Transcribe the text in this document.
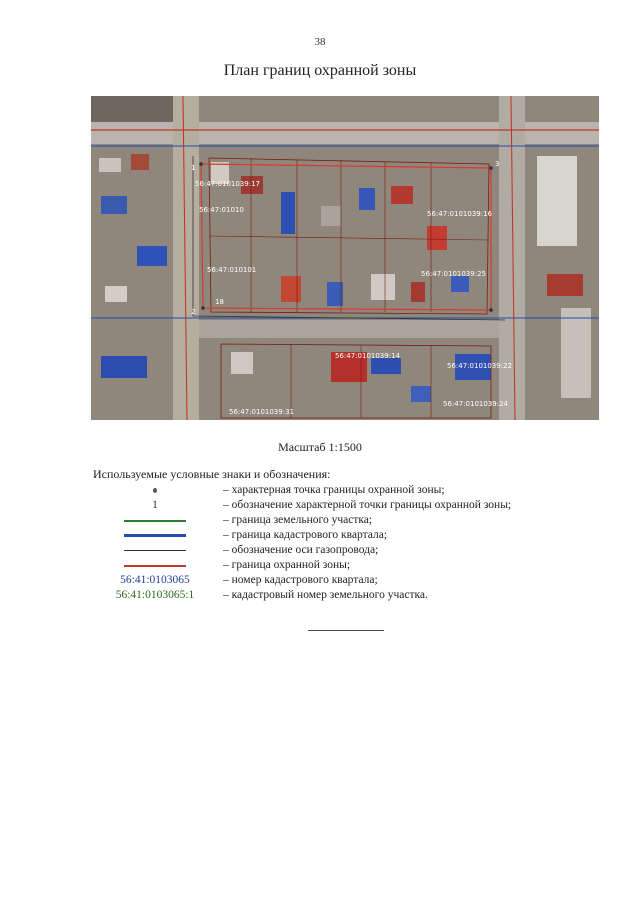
38
План границ охранной зоны
1
2
3
18
56:47:0101039:17
56:47:01010	56:47:0101039:16
56:47:0101039:25
56:47:010101
56:47:0101039:31
56:47:0101039:24
56:47:0101039:14
56:47:0101039:22
Масштаб 1:1500
Используемые условные знаки и обозначения:
– характерная точка границы охранной зоны;
1	– обозначение характерной точки границы охранной зоны;
– граница земельного участка;
– граница кадастрового квартала;
– обозначение оси газопровода;
– граница охранной зоны;
56:41:0103065	– номер кадастрового квартала;
56:41:0103065:1 – кадастровый номер земельного участка.
